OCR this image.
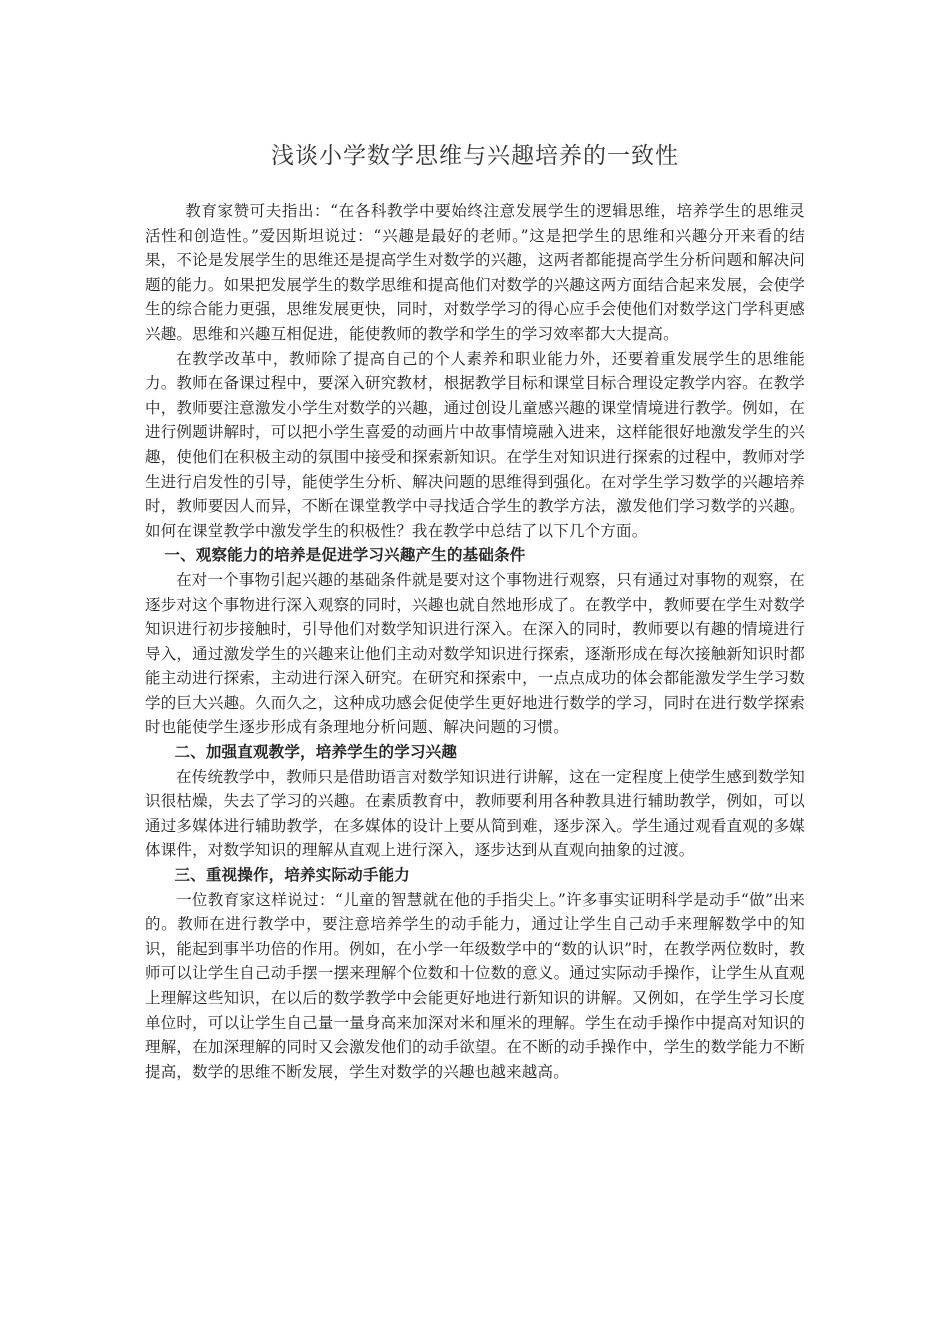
浅谈小学数学思维与兴趣培养的一致性

教育家赞可夫指出：“在各科教学中要始终注意发展学生的逻辑思维，培养学生的思维灵活性和创造性。”爱因斯坦说过：“兴趣是最好的老师。”这是把学生的思维和兴趣分开来看的结果，不论是发展学生的思维还是提高学生对数学的兴趣，这两者都能提高学生分析问题和解决问题的能力。如果把发展学生的数学思维和提高他们对数学的兴趣这两方面结合起来发展，会使学生的综合能力更强，思维发展更快，同时，对数学学习的得心应手会使他们对数学这门学科更感兴趣。思维和兴趣互相促进，能使教师的教学和学生的学习效率都大大提高。

在教学改革中，教师除了提高自己的个人素养和职业能力外，还要着重发展学生的思维能力。教师在备课过程中，要深入研究教材，根据教学目标和课堂目标合理设定教学内容。在教学中，教师要注意激发小学生对数学的兴趣，通过创设儿童感兴趣的课堂情境进行教学。例如，在进行例题讲解时，可以把小学生喜爱的动画片中故事情境融入进来，这样能很好地激发学生的兴趣，使他们在积极主动的氛围中接受和探索新知识。在学生对知识进行探索的过程中，教师对学生进行启发性的引导，能使学生分析、解决问题的思维得到强化。在对学生学习数学的兴趣培养时，教师要因人而异，不断在课堂教学中寻找适合学生的教学方法，激发他们学习数学的兴趣。如何在课堂教学中激发学生的积极性？我在教学中总结了以下几个方面。

一、观察能力的培养是促进学习兴趣产生的基础条件

在对一个事物引起兴趣的基础条件就是要对这个事物进行观察，只有通过对事物的观察，在逐步对这个事物进行深入观察的同时，兴趣也就自然地形成了。在教学中，教师要在学生对数学知识进行初步接触时，引导他们对数学知识进行深入。在深入的同时，教师要以有趣的情境进行导入，通过激发学生的兴趣来让他们主动对数学知识进行探索，逐渐形成在每次接触新知识时都能主动进行探索，主动进行深入研究。在研究和探索中，一点点成功的体会都能激发学生学习数学的巨大兴趣。久而久之，这种成功感会促使学生更好地进行数学的学习，同时在进行数学探索时也能使学生逐步形成有条理地分析问题、解决问题的习惯。

二、加强直观教学，培养学生的学习兴趣

在传统教学中，教师只是借助语言对数学知识进行讲解，这在一定程度上使学生感到数学知识很枯燥，失去了学习的兴趣。在素质教育中，教师要利用各种教具进行辅助教学，例如，可以通过多媒体进行辅助教学，在多媒体的设计上要从简到难，逐步深入。学生通过观看直观的多媒体课件，对数学知识的理解从直观上进行深入，逐步达到从直观向抽象的过渡。

三、重视操作，培养实际动手能力

一位教育家这样说过：“儿童的智慧就在他的手指尖上。”许多事实证明科学是动手“做”出来的。教师在进行教学中，要注意培养学生的动手能力，通过让学生自己动手来理解数学中的知识，能起到事半功倍的作用。例如，在小学一年级数学中的“数的认识”时，在教学两位数时，教师可以让学生自己动手摆一摆来理解个位数和十位数的意义。通过实际动手操作，让学生从直观上理解这些知识，在以后的数学教学中会能更好地进行新知识的讲解。又例如，在学生学习长度单位时，可以让学生自己量一量身高来加深对米和厘米的理解。学生在动手操作中提高对知识的理解，在加深理解的同时又会激发他们的动手欲望。在不断的动手操作中，学生的数学能力不断提高，数学的思维不断发展，学生对数学的兴趣也越来越高。
